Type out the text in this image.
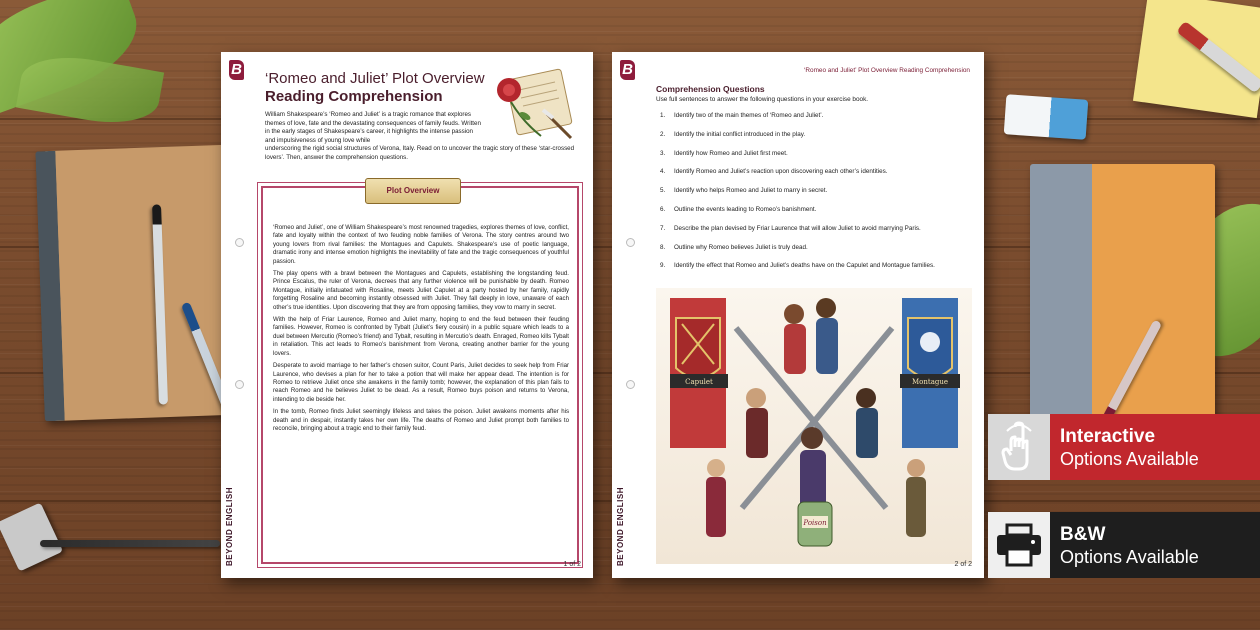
B
BEYOND ENGLISH
‘Romeo and Juliet’ Plot Overview
Reading Comprehension
William Shakespeare’s ‘Romeo and Juliet’ is a tragic romance that explores themes of love, fate and the devastating consequences of family feuds. Written in the early stages of Shakespeare’s career, it highlights the intense passion and impulsiveness of young love while
underscoring the rigid social structures of Verona, Italy. Read on to uncover the tragic story of these ‘star-crossed lovers’. Then, answer the comprehension questions.
Plot Overview

‘Romeo and Juliet’, one of William Shakespeare’s most renowned tragedies, explores themes of love, conflict, fate and loyalty within the context of two feuding noble families of Verona. The story centres around two young lovers from rival families: the Montagues and Capulets. Shakespeare’s use of poetic language, dramatic irony and intense emotion highlights the inevitability of fate and the tragic consequences of youthful passion.

The play opens with a brawl between the Montagues and Capulets, establishing the longstanding feud. Prince Escalus, the ruler of Verona, decrees that any further violence will be punishable by death. Romeo Montague, initially infatuated with Rosaline, meets Juliet Capulet at a party hosted by her family, rapidly forgetting Rosaline and becoming instantly obsessed with Juliet. They fall deeply in love, unaware of each other’s true identities. Upon discovering that they are from opposing families, they vow to marry in secret.

With the help of Friar Laurence, Romeo and Juliet marry, hoping to end the feud between their feuding families. However, Romeo is confronted by Tybalt (Juliet’s fiery cousin) in a public square which leads to a duel between Mercutio (Romeo’s friend) and Tybalt, resulting in Mercutio’s death. Enraged, Romeo kills Tybalt in retaliation. This act leads to Romeo’s banishment from Verona, creating another barrier for the young lovers.

Desperate to avoid marriage to her father’s chosen suitor, Count Paris, Juliet decides to seek help from Friar Laurence, who devises a plan for her to take a potion that will make her appear dead. The intention is for Romeo to retrieve Juliet once she awakens in the family tomb; however, the explanation of this plan fails to reach Romeo and he believes Juliet to be dead. As a result, Romeo buys poison and returns to Verona, intending to die beside her.

In the tomb, Romeo finds Juliet seemingly lifeless and takes the poison. Juliet awakens moments after his death and in despair, instantly takes her own life. The deaths of Romeo and Juliet prompt both families to reconcile, bringing about a tragic end to their family feud.

1 of 2
B
BEYOND ENGLISH
‘Romeo and Juliet’ Plot Overview Reading Comprehension
Comprehension Questions
Use full sentences to answer the following questions in your exercise book.
1.	Identify two of the main themes of ‘Romeo and Juliet’.
2.	Identify the initial conflict introduced in the play.
3.	Identify how Romeo and Juliet first meet.
4.	Identify Romeo and Juliet’s reaction upon discovering each other’s identities.
5.	Identify who helps Romeo and Juliet to marry in secret.
6.	Outline the events leading to Romeo’s banishment.
7.	Describe the plan devised by Friar Laurence that will allow Juliet to avoid marrying Paris.
8.	Outline why Romeo believes Juliet is truly dead.
9.	Identify the effect that Romeo and Juliet’s deaths have on the Capulet and Montague families.
Capulet	Montague
Poison
2 of 2
Interactive
Options Available
B&W
Options Available
